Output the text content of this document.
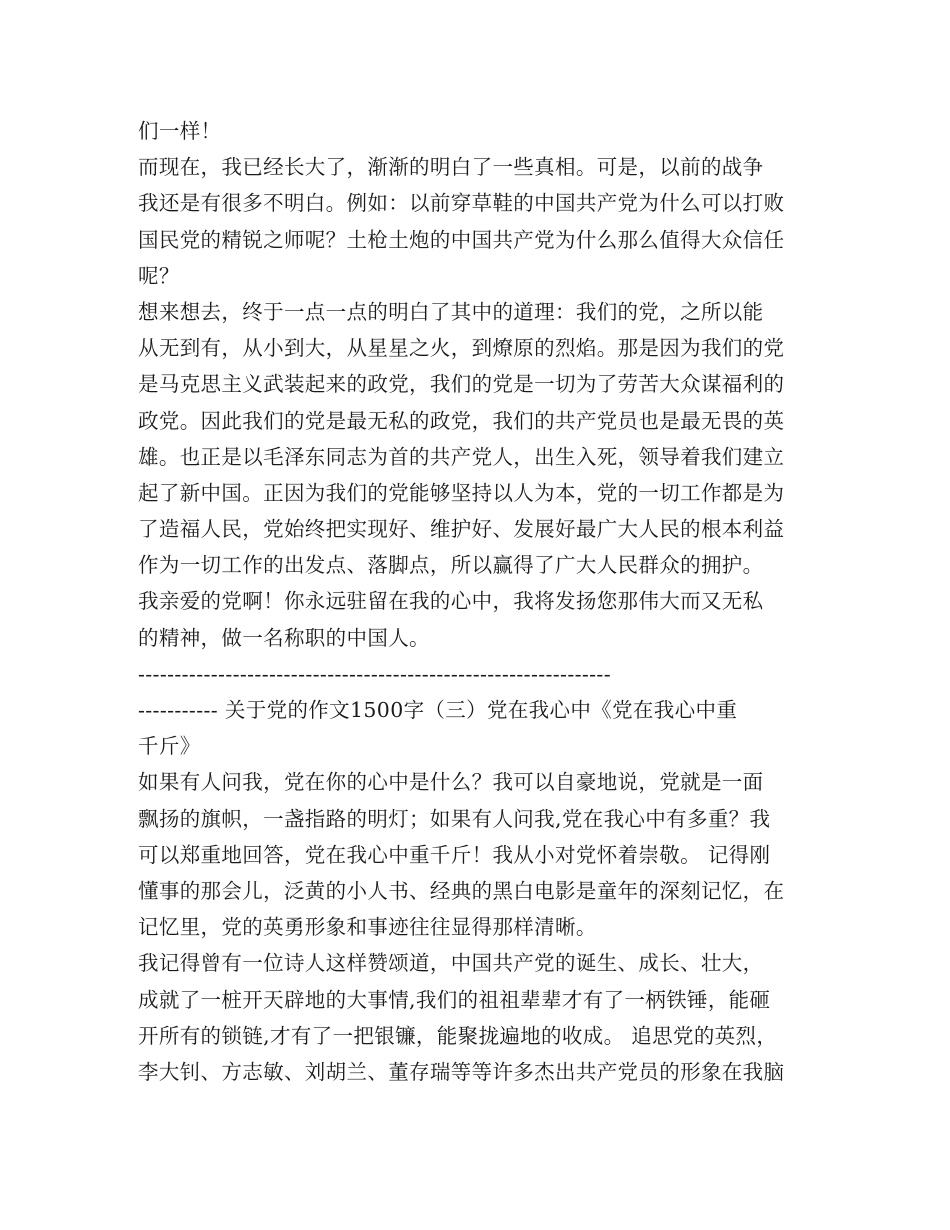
们一样！
而现在，我已经长大了，渐渐的明白了一些真相。可是，以前的战争
我还是有很多不明白。例如：以前穿草鞋的中国共产党为什么可以打败
国民党的精锐之师呢？土枪土炮的中国共产党为什么那么值得大众信任
呢？
想来想去，终于一点一点的明白了其中的道理：我们的党，之所以能
从无到有，从小到大，从星星之火，到燎原的烈焰。那是因为我们的党
是马克思主义武装起来的政党，我们的党是一切为了劳苦大众谋福利的
政党。因此我们的党是最无私的政党，我们的共产党员也是最无畏的英
雄。也正是以毛泽东同志为首的共产党人，出生入死，领导着我们建立
起了新中国。正因为我们的党能够坚持以人为本，党的一切工作都是为
了造福人民，党始终把实现好、维护好、发展好最广大人民的根本利益
作为一切工作的出发点、落脚点，所以赢得了广大人民群众的拥护。
我亲爱的党啊！你永远驻留在我的心中，我将发扬您那伟大而又无私
的精神，做一名称职的中国人。
-----------------------------------------------------------------
----------- 关于党的作文1500字（三）党在我心中《党在我心中重
千斤》
如果有人问我，党在你的心中是什么？我可以自豪地说，党就是一面
飘扬的旗帜，一盏指路的明灯；如果有人问我,党在我心中有多重？我
可以郑重地回答，党在我心中重千斤！我从小对党怀着崇敬。 记得刚
懂事的那会儿，泛黄的小人书、经典的黑白电影是童年的深刻记忆，在
记忆里，党的英勇形象和事迹往往显得那样清晰。
我记得曾有一位诗人这样赞颂道，中国共产党的诞生、成长、壮大，
成就了一桩开天辟地的大事情,我们的祖祖辈辈才有了一柄铁锤，能砸
开所有的锁链,才有了一把银镰，能聚拢遍地的收成。 追思党的英烈，
李大钊、方志敏、刘胡兰、董存瑞等等许多杰出共产党员的形象在我脑
